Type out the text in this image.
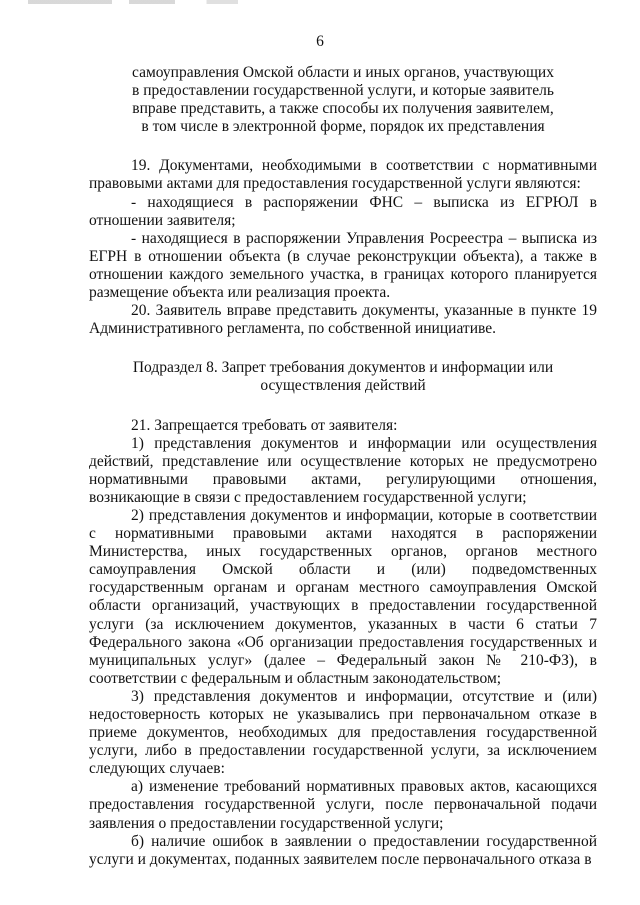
6

самоуправления Омской области и иных органов, участвующих

в предоставлении государственной услуги, и которые заявитель

вправе представить, а также способы их получения заявителем,

в том числе в электронной форме, порядок их представления

19. Документами, необходимыми в соответствии с нормативными правовыми актами для предоставления государственной услуги являются:

- находящиеся в распоряжении ФНС – выписка из ЕГРЮЛ в отношении заявителя;

- находящиеся в распоряжении Управления Росреестра – выписка из ЕГРН в отношении объекта (в случае реконструкции объекта), а также в отношении каждого земельного участка, в границах которого планируется размещение объекта или реализация проекта.

20. Заявитель вправе представить документы, указанные в пункте 19 Административного регламента, по собственной инициативе.

Подраздел 8. Запрет требования документов и информации или

осуществления действий

21. Запрещается требовать от заявителя:

1) представления документов и информации или осуществления действий, представление или осуществление которых не предусмотрено нормативными правовыми актами, регулирующими отношения, возникающие в связи с предоставлением государственной услуги;

2) представления документов и информации, которые в соответствии с нормативными правовыми актами находятся в распоряжении Министерства, иных государственных органов, органов местного самоуправления Омской области и (или) подведомственных государственным органам и органам местного самоуправления Омской области организаций, участвующих в предоставлении государственной услуги (за исключением документов, указанных в части 6 статьи 7 Федерального закона «Об организации предоставления государственных и муниципальных услуг» (далее – Федеральный закон № 210-ФЗ), в соответствии с федеральным и областным законодательством;

3) представления документов и информации, отсутствие и (или) недостоверность которых не указывались при первоначальном отказе в приеме документов, необходимых для предоставления государственной услуги, либо в предоставлении государственной услуги, за исключением следующих случаев:

а) изменение требований нормативных правовых актов, касающихся предоставления государственной услуги, после первоначальной подачи заявления о предоставлении государственной услуги;

б) наличие ошибок в заявлении о предоставлении государственной услуги и документах, поданных заявителем после первоначального отказа в
